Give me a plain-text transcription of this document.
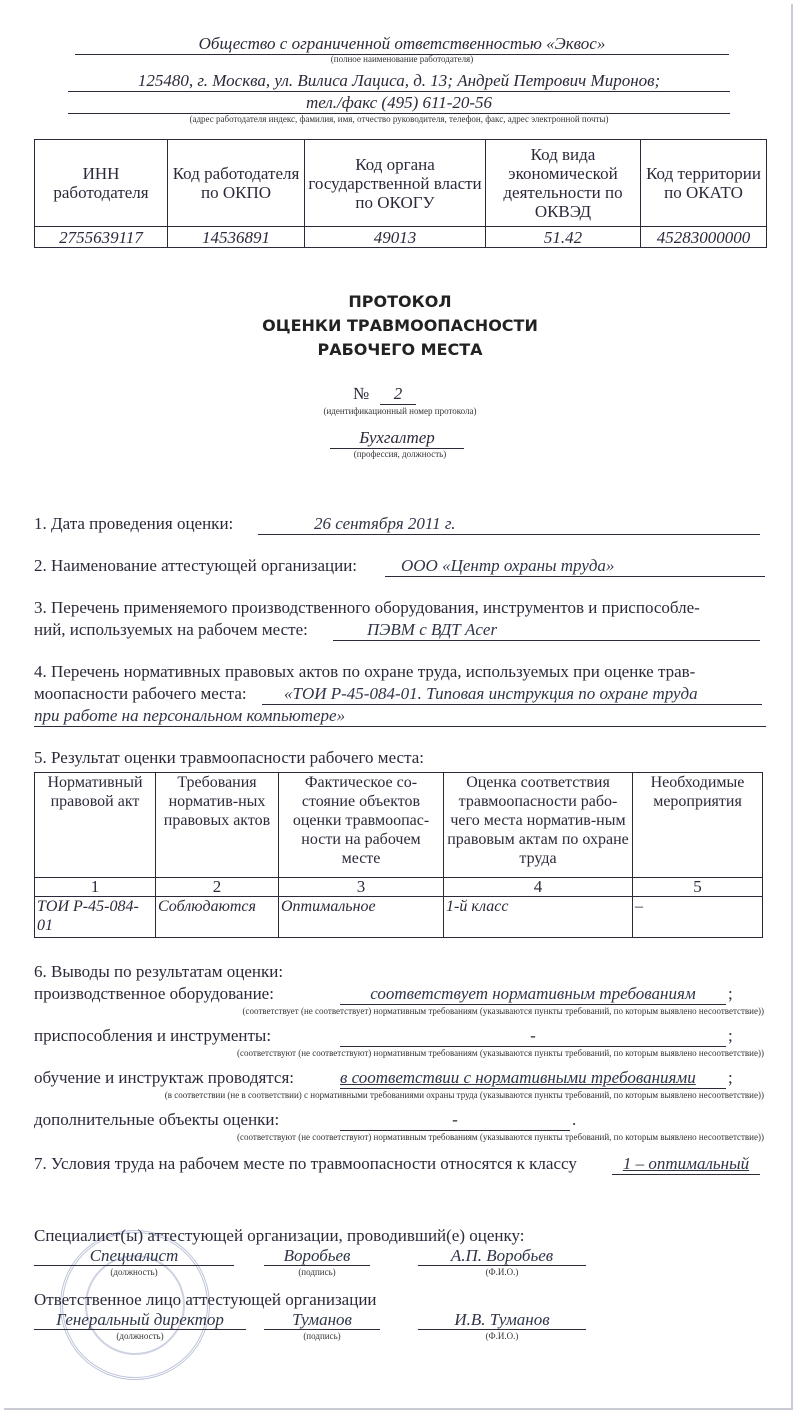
Общество с ограниченной ответственностью «Эквос»
(полное наименование работодателя)
125480, г. Москва, ул. Вилиса Лациса, д. 13; Андрей Петрович Миронов;
тел./факс (495) 611-20-56
(адрес работодателя индекс, фамилия, имя, отчество руководителя, телефон, факс, адрес электронной почты)
ИНН работодателя	Код работодателя по ОКПО	Код органа государственной власти по ОКОГУ	Код вида экономической деятельности по ОКВЭД	Код территории по ОКАТО
2755639117	14536891	49013	51.42	45283000000
ПРОТОКОЛ
ОЦЕНКИ ТРАВМООПАСНОСТИ
РАБОЧЕГО МЕСТА
№	2
(идентификационный номер протокола)
Бухгалтер
(профессия, должность)
1. Дата проведения оценки:	26 сентября 2011 г.
2. Наименование аттестующей организации:	ООО «Центр охраны труда»
3. Перечень применяемого производственного оборудования, инструментов и приспособле-
ний, используемых на рабочем месте:	ПЭВМ с ВДТ Acer
4. Перечень нормативных правовых актов по охране труда, используемых при оценке трав-
моопасности рабочего места:	«ТОИ Р-45-084-01. Типовая инструкция по охране труда
при работе на персональном компьютере»
5. Результат оценки травмоопасности рабочего места:
Нормативный правовой акт	Требования норматив-ных правовых актов	Фактическое со-стояние объектов оценки травмоопас-ности на рабочем месте	Оценка соответствия травмоопасности рабо-чего места норматив-ным правовым актам по охране труда	Необходимые мероприятия
1	2	3	4	5
ТОИ Р-45-084-01	Соблюдаются	Оптимальное	1-й класс	–
6. Выводы по результатам оценки:
производственное оборудование:	соответствует нормативным требованиям	;
(соответствует (не соответствует) нормативным требованиям (указываются пункты требований, по которым выявлено несоответствие))
приспособления и инструменты:	-	;
(соответствуют (не соответствуют) нормативным требованиям (указываются пункты требований, по которым выявлено несоответствие))
обучение и инструктаж проводятся:	в соответствии с нормативными требованиями	;
(в соответствии (не в соответствии) с нормативными требованиями охраны труда (указываются пункты требований, по которым выявлено несоответствие))
дополнительные объекты оценки:	-	.
(соответствуют (не соответствуют) нормативным требованиям (указываются пункты требований, по которым выявлено несоответствие))
7. Условия труда на рабочем месте по травмоопасности относятся к классу	1 – оптимальный
Специалист(ы) аттестующей организации, проводивший(е) оценку:
Специалист
(должность)
Воробьев
(подпись)
А.П. Воробьев
(Ф.И.О.)
Ответственное лицо аттестующей организации
Генеральный директор
(должность)
Туманов
(подпись)
И.В. Туманов
(Ф.И.О.)
